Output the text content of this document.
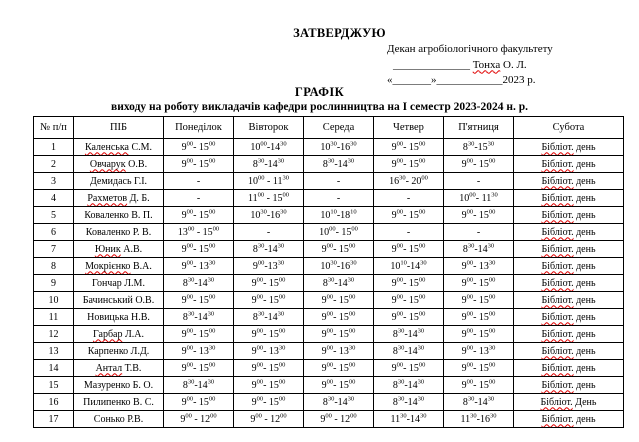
ЗАТВЕРДЖУЮ

Декан агробіологічного факультету
______________ Тонха О. Л.
«_______»____________2023 р.

ГРАФІК

виходу на роботу викладачів кафедри рослинництва на І семестр 2023-2024 н. р.

№ п/п	ПІБ	Понеділок	Вівторок	Середа	Четвер	П'ятниця	Субота
1	Каленська С.М.	$9^{00}-$ $15^{00}$	$10^{00}-14^{30}$	$10^{30}-16^{30}$	$9^{00}-$ $15^{00}$	$8^{30}-15^{30}$	Бібліот. день
2	Овчарук О.В.	$9^{00}-$ $15^{00}$	$8^{30}-14^{30}$	$8^{30}-14^{30}$	$9^{00}-$ $15^{00}$	$9^{00}-$ $15^{00}$	Бібліот. день
3	Демидась Г.І.	-	$10^{00} - 11^{30}$	-	$16^{30}-$ $20^{00}$	-	Бібліот. день
4	Рахметов Д. Б.	-	$11^{00} - 15^{00}$	-	-	$10^{00}-$ $11^{30}$	Бібліот. день
5	Коваленко В. П.	$9^{00}-$ $15^{00}$	$10^{30}-16^{30}$	$10^{10}-18^{10}$	$9^{00}-$ $15^{00}$	$9^{00}-$ $15^{00}$	Бібліот. день
6	Коваленко Р. В.	$13^{00} - 15^{00}$	-	$10^{00}-$ $15^{00}$	-	-	Бібліот. день
7	Юник А.В.	$9^{00}-$ $15^{00}$	$8^{30}-14^{30}$	$9^{00}-$ $15^{00}$	$9^{00}-$ $15^{00}$	$8^{30}-14^{30}$	Бібліот. день
8	Мокрієнко В.А.	$9^{00}-$ $13^{30}$	$9^{00}-13^{30}$	$10^{30}-16^{30}$	$10^{10}-14^{30}$	$9^{00}-$ $13^{30}$	Бібліот. день
9	Гончар Л.М.	$8^{30}-14^{30}$	$9^{00}-$ $15^{00}$	$8^{30}-14^{30}$	$9^{00}-$ $15^{00}$	$9^{00}-$ $15^{00}$	Бібліот. день
10	Бачинський О.В.	$9^{00}-$ $15^{00}$	$9^{00}-$ $15^{00}$	$9^{00}-$ $15^{00}$	$9^{00}-$ $15^{00}$	$9^{00}-$ $15^{00}$	Бібліот. день
11	Новицька Н.В.	$8^{30}-14^{30}$	$8^{30}-14^{30}$	$9^{00}-$ $15^{00}$	$9^{00}-$ $15^{00}$	$9^{00}-$ $15^{00}$	Бібліот. день
12	Гарбар Л.А.	$9^{00}-$ $15^{00}$	$9^{00}-$ $15^{00}$	$9^{00}-$ $15^{00}$	$8^{30}-14^{30}$	$9^{00}-$ $15^{00}$	Бібліот. день
13	Карпенко Л.Д.	$9^{00}-$ $13^{30}$	$9^{00}-$ $13^{30}$	$9^{00}-$ $13^{30}$	$8^{30}-14^{30}$	$9^{00}-$ $13^{30}$	Бібліот. день
14	Антал Т.В.	$9^{00}-$ $15^{00}$	$9^{00}-$ $15^{00}$	$9^{00}-$ $15^{00}$	$9^{00}-$ $15^{00}$	$9^{00}-$ $15^{00}$	Бібліот. день
15	Мазуренко Б. О.	$8^{30}-14^{30}$	$9^{00}-$ $15^{00}$	$9^{00}-$ $15^{00}$	$8^{30}-14^{30}$	$9^{00}-$ $15^{00}$	Бібліот. день
16	Пилипенко В. С.	$9^{00}-$ $15^{00}$	$9^{00}-$ $15^{00}$	$8^{30}-14^{30}$	$8^{30}-14^{30}$	$8^{30}-14^{30}$	Бібліот. День
17	Сонько Р.В.	$9^{00} - 12^{00}$	$9^{00} - 12^{00}$	$9^{00} - 12^{00}$	$11^{30}-14^{30}$	$11^{30}-16^{30}$	Бібліот. день
